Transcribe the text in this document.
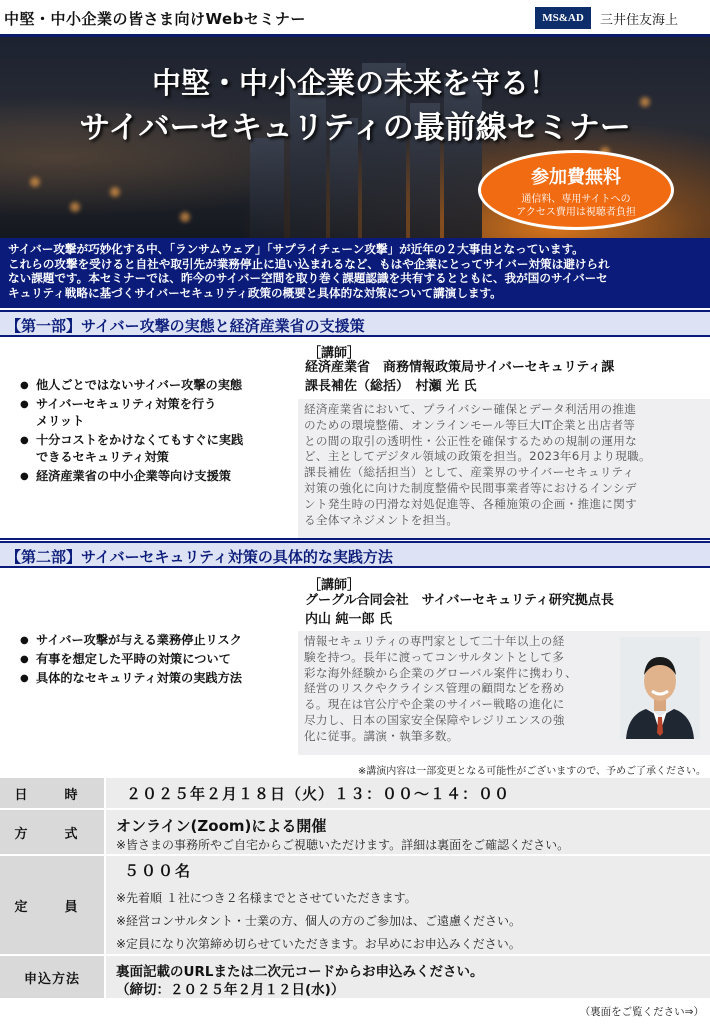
中堅・中小企業の皆さま向けWebセミナー	MS&AD	三井住友海上
中堅・中小企業の未来を守る！
サイバーセキュリティの最前線セミナー
参加費無料
通信料、専用サイトへの
アクセス費用は視聴者負担
サイバー攻撃が巧妙化する中、「ランサムウェア」「サプライチェーン攻撃」が近年の２大事由となっています。
これらの攻撃を受けると自社や取引先が業務停止に追い込まれるなど、もはや企業にとってサイバー対策は避けられ
ない課題です。本セミナーでは、昨今のサイバー空間を取り巻く課題認識を共有するとともに、我が国のサイバーセ
キュリティ戦略に基づくサイバーセキュリティ政策の概要と具体的な対策について講演します。
【第一部】サイバー攻撃の実態と経済産業省の支援策
● 他人ごとではないサイバー攻撃の実態
● サイバーセキュリティ対策を行う
メリット
● 十分コストをかけなくてもすぐに実践
できるセキュリティ対策
● 経済産業省の中小企業等向け支援策
［講師］
経済産業省　商務情報政策局サイバーセキュリティ課
課長補佐（総括）　村瀬 光 氏
経済産業省において、プライバシー確保とデータ利活用の推進
のための環境整備、オンラインモール等巨大IT企業と出店者等
との間の取引の透明性・公正性を確保するための規制の運用な
ど、主としてデジタル領域の政策を担当。2023年6月より現職。
課長補佐（総括担当）として、産業界のサイバーセキュリティ
対策の強化に向けた制度整備や民間事業者等におけるインシデ
ント発生時の円滑な対処促進等、各種施策の企画・推進に関す
る全体マネジメントを担当。
【第二部】サイバーセキュリティ対策の具体的な実践方法
● サイバー攻撃が与える業務停止リスク
● 有事を想定した平時の対策について
● 具体的なセキュリティ対策の実践方法
［講師］
グーグル合同会社　サイバーセキュリティ研究拠点長
内山 純一郎 氏
情報セキュリティの専門家として二十年以上の経
験を持つ。長年に渡ってコンサルタントとして多
彩な海外経験から企業のグローバル案件に携わり、
経営のリスクやクライシス管理の顧問などを務め
る。現在は官公庁や企業のサイバー戦略の進化に
尽力し、日本の国家安全保障やレジリエンスの強
化に従事。講演・執筆多数。
※講演内容は一部変更となる可能性がございますので、予めご了承ください。
日　時	２０２５年２月１８日（火）１３：００〜１４：００
方　式	オンライン(Zoom)による開催
※皆さまの事務所やご自宅からご視聴いただけます。詳細は裏面をご確認ください。
定　員
５００名
※先着順 １社につき２名様までとさせていただきます。
※経営コンサルタント・士業の方、個人の方のご参加は、ご遠慮ください。
※定員になり次第締め切らせていただきます。お早めにお申込みください。
申込方法	裏面記載のURLまたは二次元コードからお申込みください。
（締切：２０２５年２月１２日(水)）
（裏面をご覧ください⇒）
